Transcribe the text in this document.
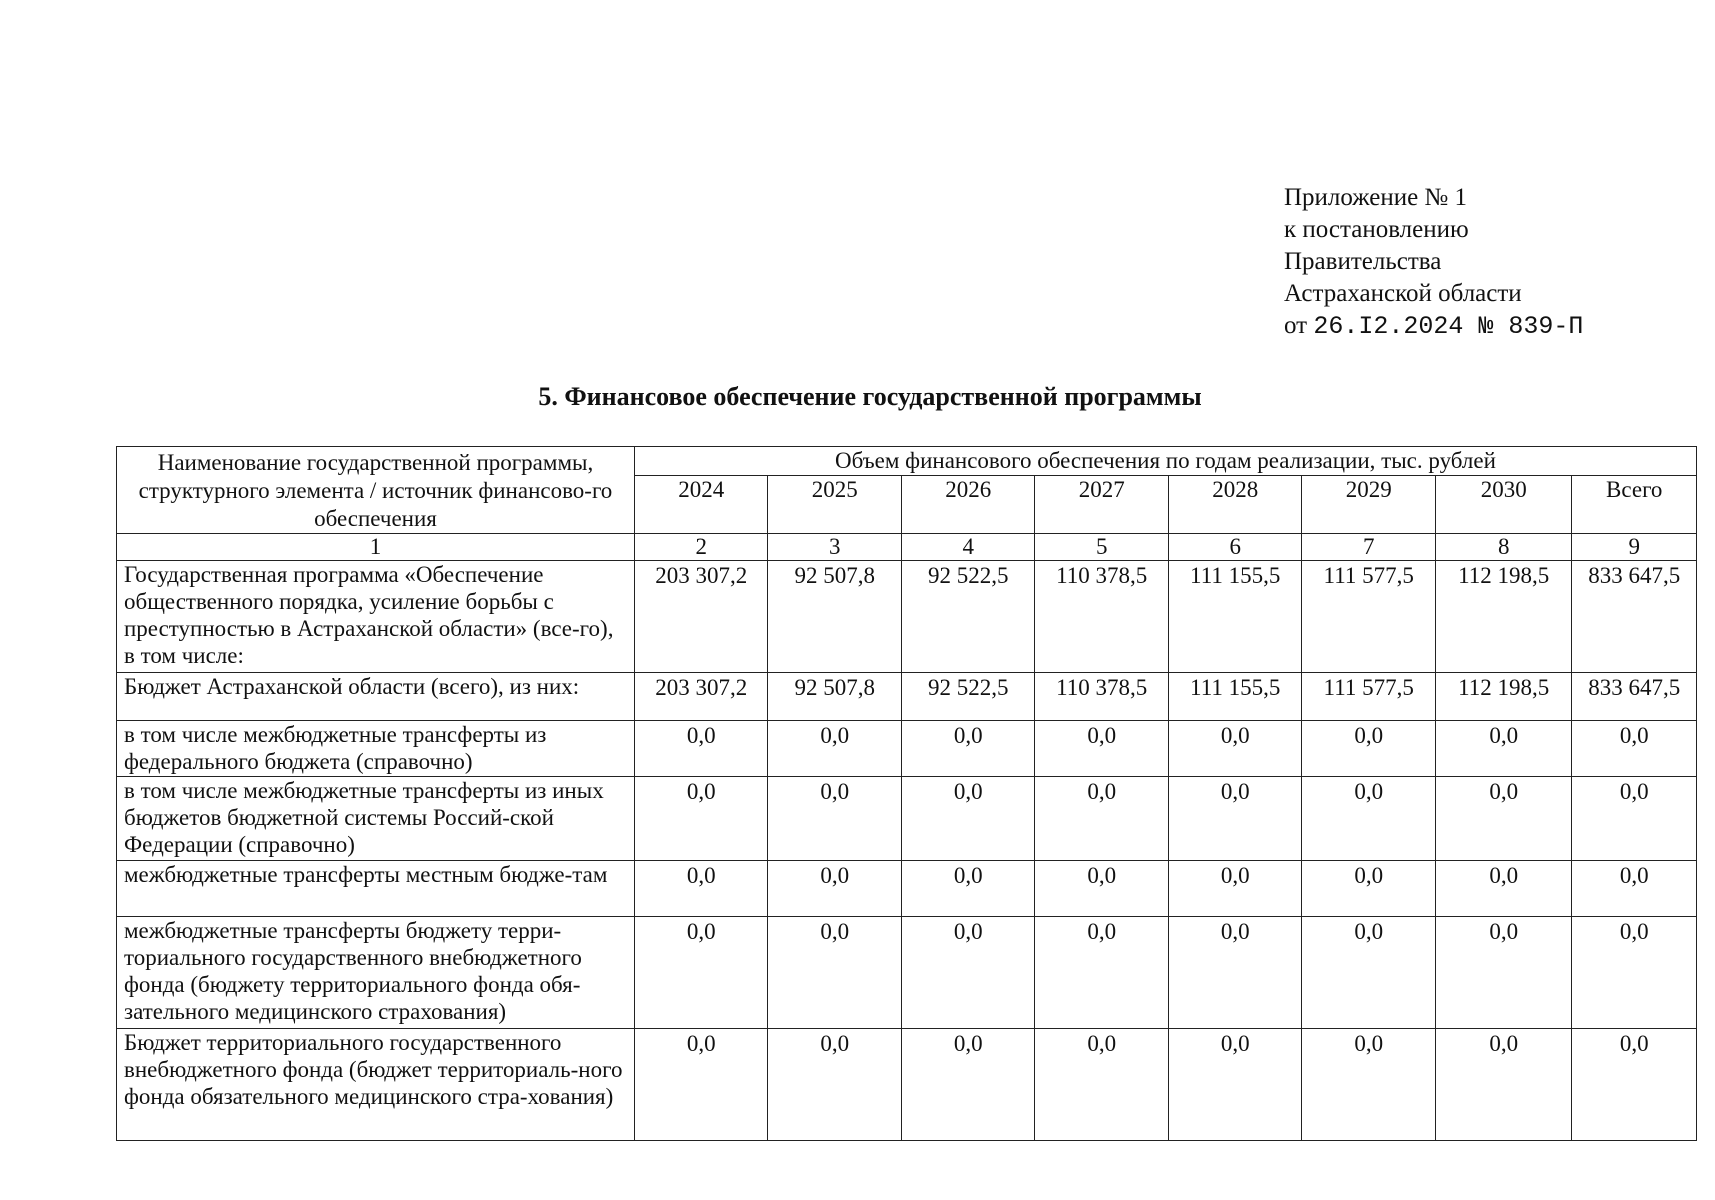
Приложение № 1
к постановлению
Правительства
Астраханской области
от 26.I2.2024 № 839-П
5. Финансовое обеспечение государственной программы
Наименование государственной программы, структурного элемента / источник финансово-го обеспечения	Объем финансового обеспечения по годам реализации, тыс. рублей							
	2024	2025	2026	2027	2028	2029	2030	Всего
1	2	3	4	5	6	7	8	9
Государственная программа «Обеспечение общественного порядка, усиление борьбы с преступностью в Астраханской области» (все-го), в том числе:	203 307,2	92 507,8	92 522,5	110 378,5	111 155,5	111 577,5	112 198,5	833 647,5
Бюджет Астраханской области (всего), из них:	203 307,2	92 507,8	92 522,5	110 378,5	111 155,5	111 577,5	112 198,5	833 647,5
в том числе межбюджетные трансферты из федерального бюджета (справочно)	0,0	0,0	0,0	0,0	0,0	0,0	0,0	0,0
в том числе межбюджетные трансферты из иных бюджетов бюджетной системы Россий-ской Федерации (справочно)	0,0	0,0	0,0	0,0	0,0	0,0	0,0	0,0
межбюджетные трансферты местным бюдже-там	0,0	0,0	0,0	0,0	0,0	0,0	0,0	0,0
межбюджетные трансферты бюджету терри-ториального государственного внебюджетного фонда (бюджету территориального фонда обя-зательного медицинского страхования)	0,0	0,0	0,0	0,0	0,0	0,0	0,0	0,0
Бюджет территориального государственного внебюджетного фонда (бюджет территориаль-ного фонда обязательного медицинского стра-хования)	0,0	0,0	0,0	0,0	0,0	0,0	0,0	0,0
